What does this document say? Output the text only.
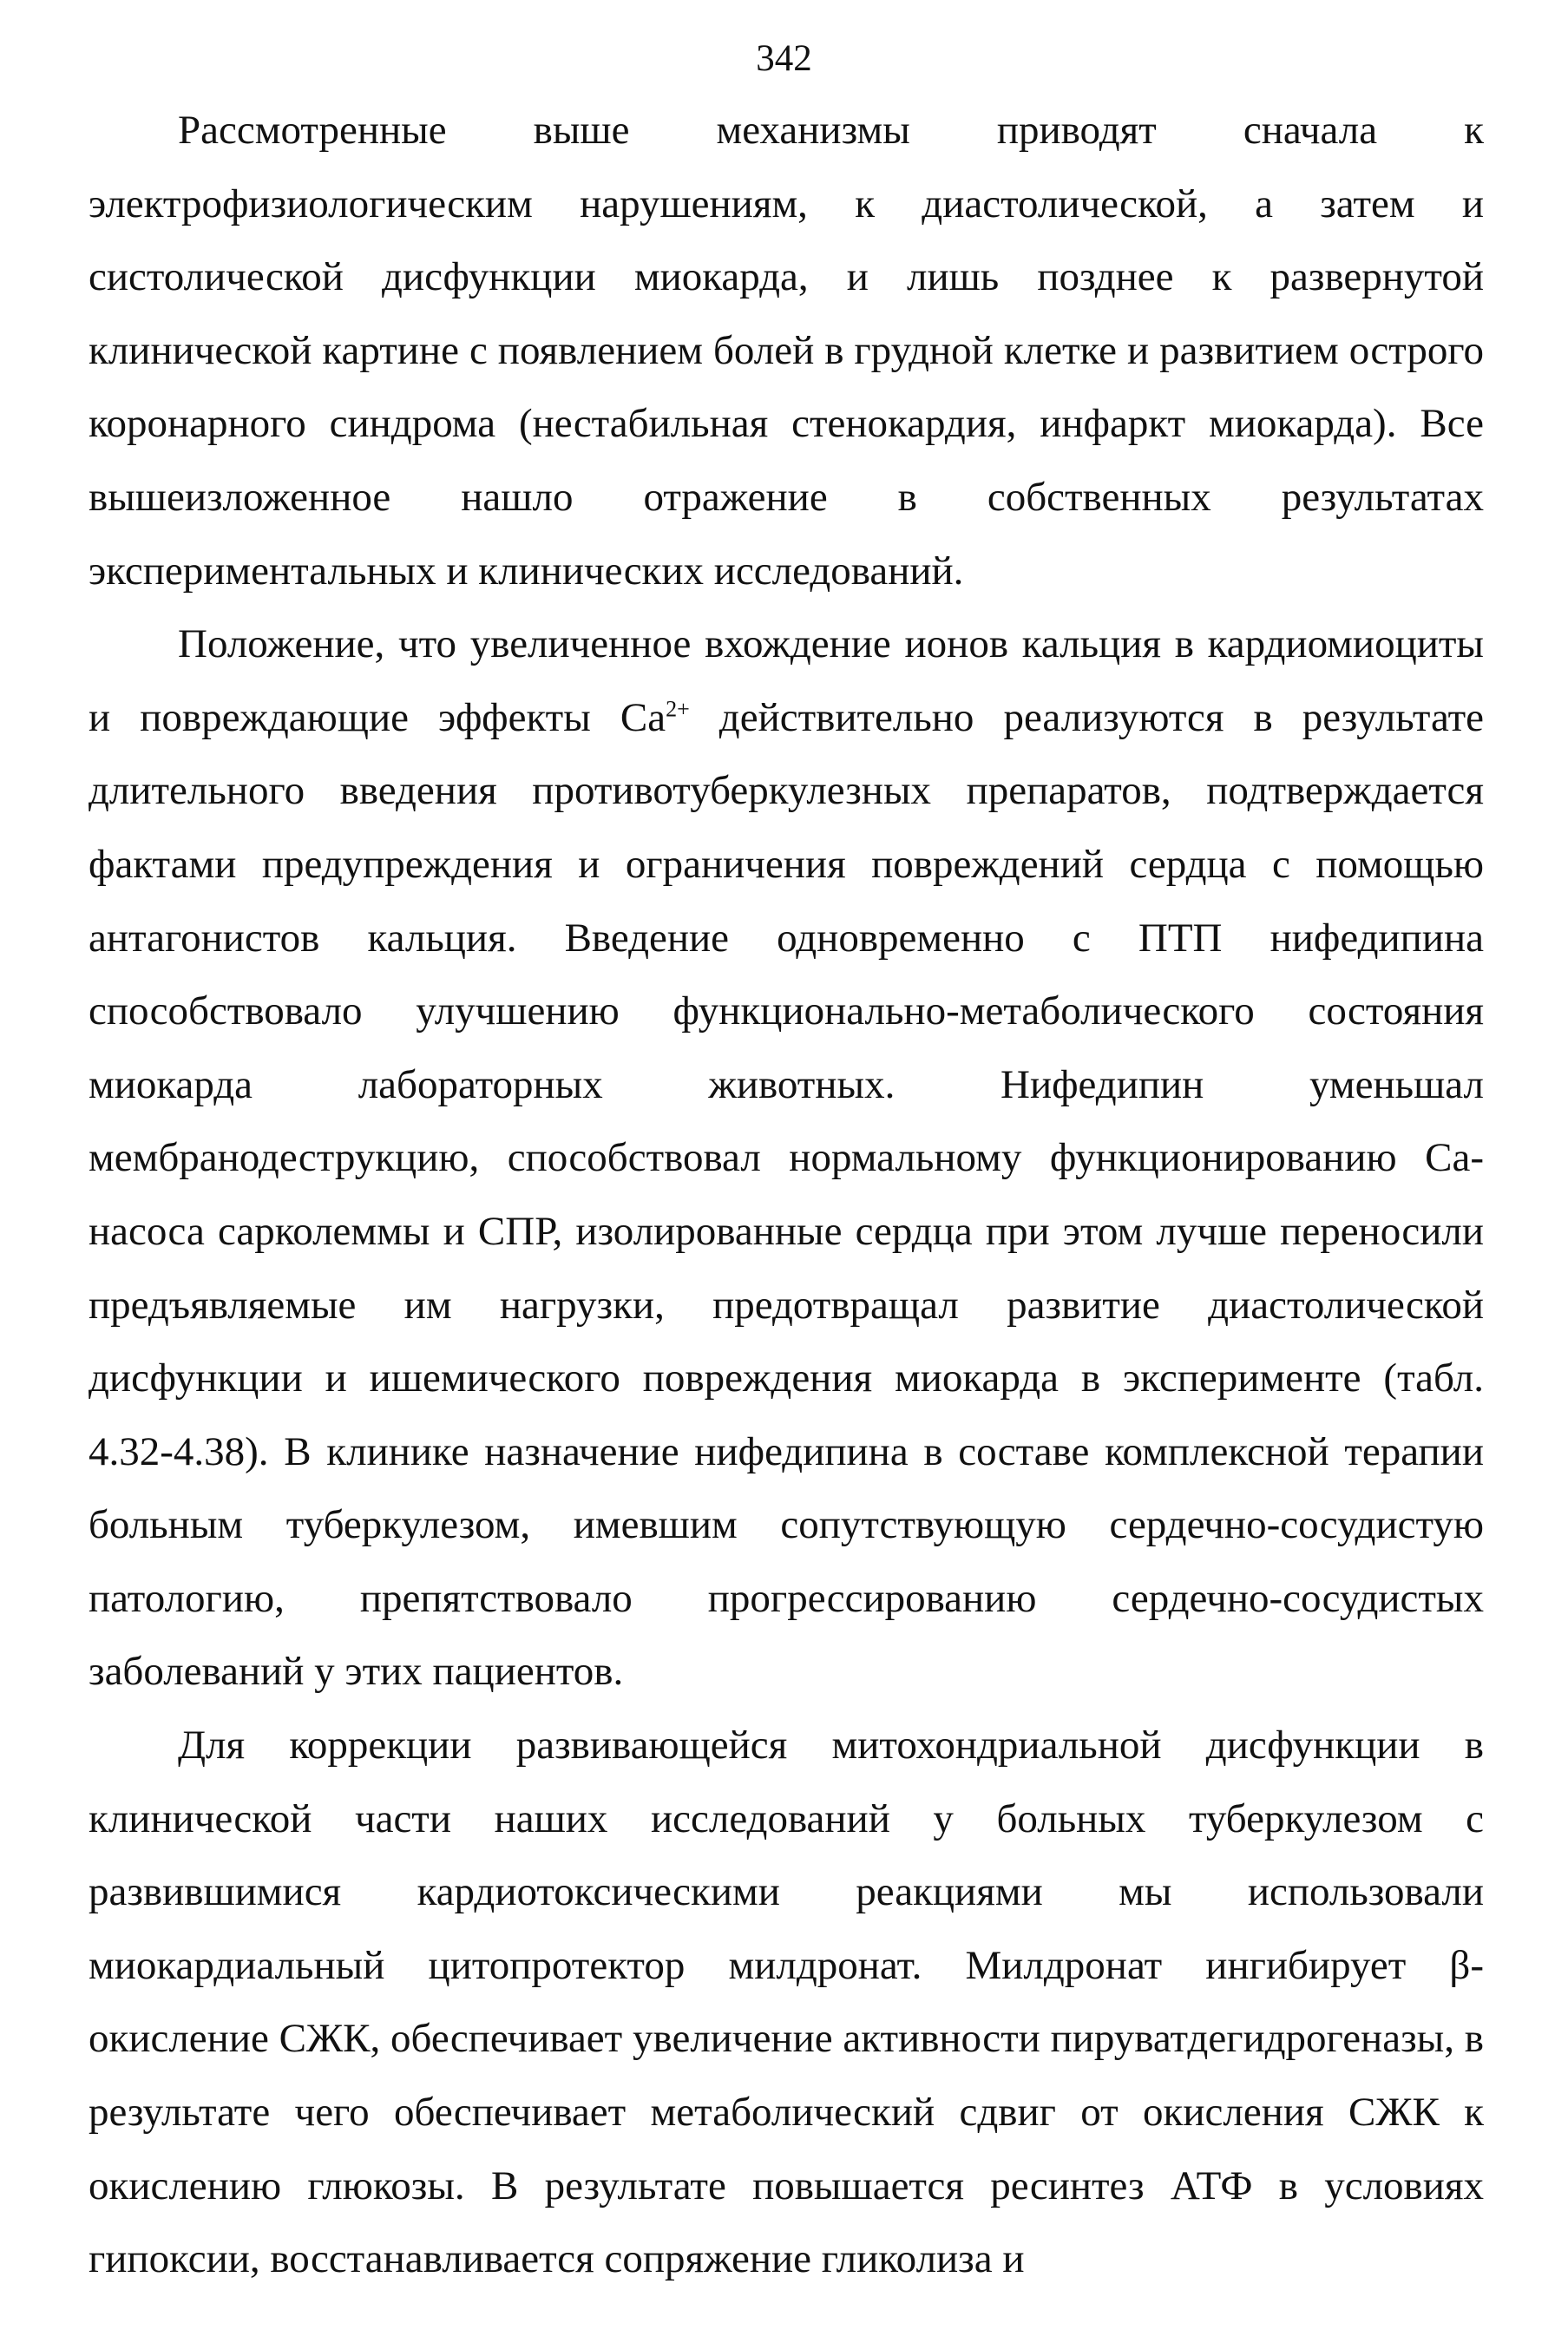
342

Рассмотренные выше механизмы приводят сначала к электрофизиологическим нарушениям, к диастолической, а затем и систолической дисфункции миокарда, и лишь позднее к развернутой клинической картине с появлением болей в грудной клетке и развитием острого коронарного синдрома (нестабильная стенокардия, инфаркт миокарда). Все вышеизложенное нашло отражение в собственных результатах экспериментальных и клинических исследований.

Положение, что увеличенное вхождение ионов кальция в кардиомиоциты и повреждающие эффекты $Ca^{2+}$ действительно реализуются в результате длительного введения противотуберкулезных препаратов, подтверждается фактами предупреждения и ограничения повреждений сердца с помощью антагонистов кальция. Введение одновременно с ПТП нифедипина способствовало улучшению функционально-метаболического состояния миокарда лабораторных животных. Нифедипин уменьшал мембранодеструкцию, способствовал нормальному функционированию Ca-насоса сарколеммы и СПР, изолированные сердца при этом лучше переносили предъявляемые им нагрузки, предотвращал развитие диастолической дисфункции и ишемического повреждения миокарда в эксперименте (табл. 4.32-4.38). В клинике назначение нифедипина в составе комплексной терапии больным туберкулезом, имевшим сопутствующую сердечно-сосудистую патологию, препятствовало прогрессированию сердечно-сосудистых заболеваний у этих пациентов.

Для коррекции развивающейся митохондриальной дисфункции в клинической части наших исследований у больных туберкулезом с развившимися кардиотоксическими реакциями мы использовали миокардиальный цитопротектор милдронат. Милдронат ингибирует β-окисление СЖК, обеспечивает увеличение активности пируватдегидрогеназы, в результате чего обеспечивает метаболический сдвиг от окисления СЖК к окислению глюкозы. В результате повышается ресинтез АТФ в условиях гипоксии, восстанавливается сопряжение гликолиза и
